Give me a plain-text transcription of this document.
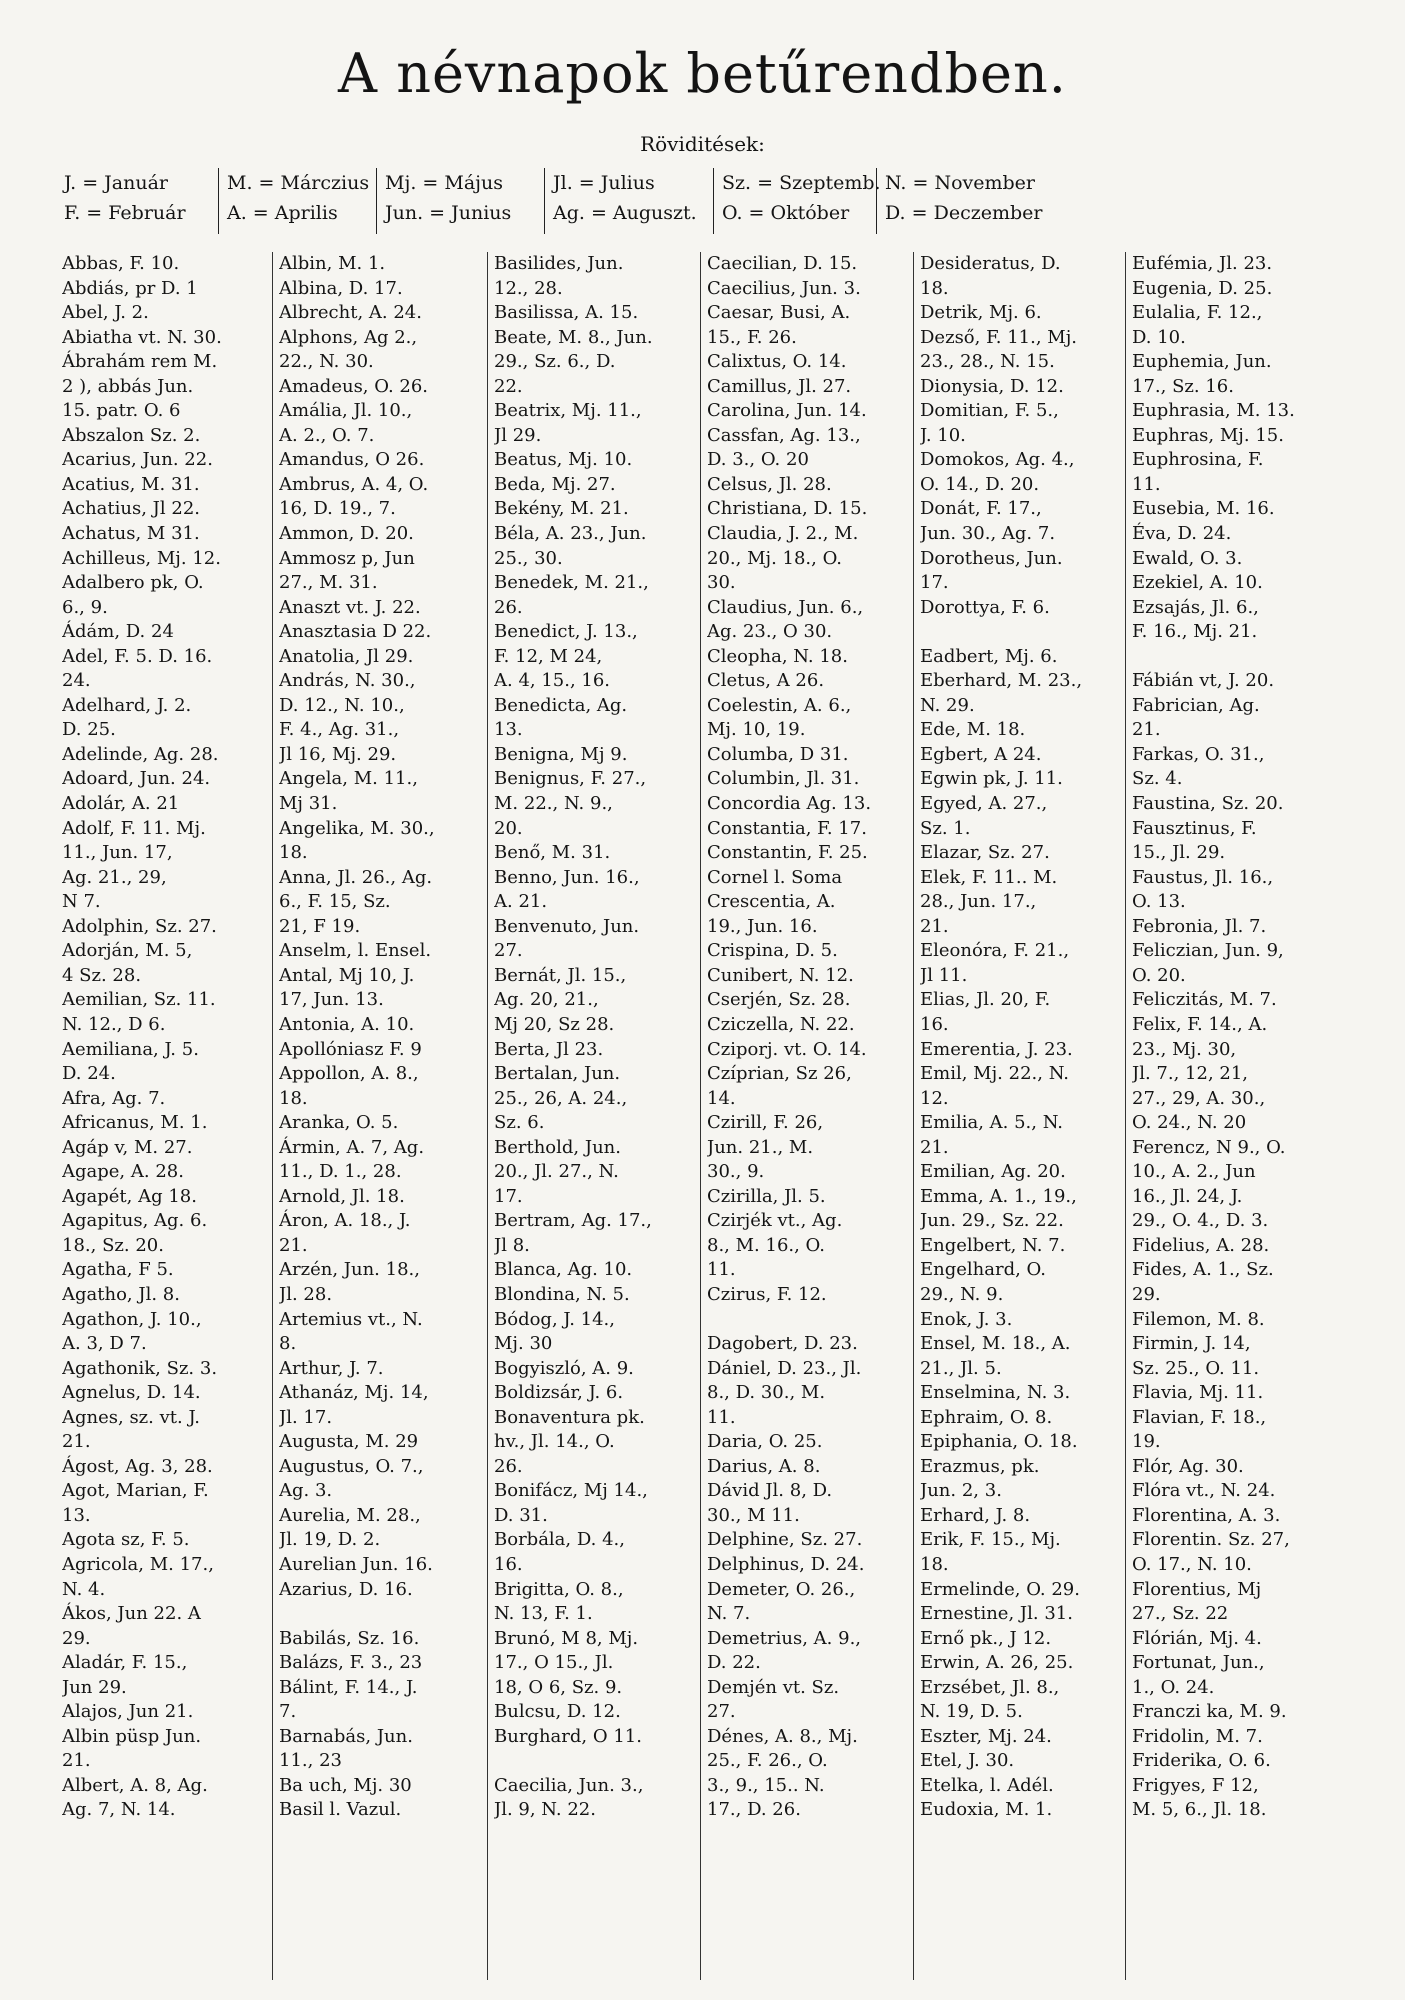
A névnapok betűrendben.
Röviditések:
J. = Január
F. = Február
M. = Márczius
A. = Aprilis
Mj. = Május
Jun. = Junius
Jl. = Julius
Ag. = Auguszt.
Sz. = Szeptemb.
O. = Október
N. = November
D. = Deczember
Abbas, F. 10.
Abdiás, pr D. 1
Abel, J. 2.
Abiatha vt. N. 30.
Ábrahám rem M.
2 ), abbás Jun.
15. patr. O. 6
Abszalon Sz. 2.
Acarius, Jun. 22.
Acatius, M. 31.
Achatius, Jl 22.
Achatus, M 31.
Achilleus, Mj. 12.
Adalbero pk, O.
6., 9.
Ádám, D. 24
Adel, F. 5. D. 16.
24.
Adelhard, J. 2.
D. 25.
Adelinde, Ag. 28.
Adoard, Jun. 24.
Adolár, A. 21
Adolf, F. 11. Mj.
11., Jun. 17,
Ag. 21., 29,
N 7.
Adolphin, Sz. 27.
Adorján, M. 5,
4 Sz. 28.
Aemilian, Sz. 11.
N. 12., D 6.
Aemiliana, J. 5.
D. 24.
Afra, Ag. 7.
Africanus, M. 1.
Agáp v, M. 27.
Agape, A. 28.
Agapét, Ag 18.
Agapitus, Ag. 6.
18., Sz. 20.
Agatha, F 5.
Agatho, Jl. 8.
Agathon, J. 10.,
A. 3, D 7.
Agathonik, Sz. 3.
Agnelus, D. 14.
Agnes, sz. vt. J.
21.
Ágost, Ag. 3, 28.
Agot, Marian, F.
13.
Agota sz, F. 5.
Agricola, M. 17.,
N. 4.
Ákos, Jun 22. A
29.
Aladár, F. 15.,
Jun 29.
Alajos, Jun 21.
Albin püsp Jun.
21.
Albert, A. 8, Ag.
Ag. 7, N. 14.
Albin, M. 1.
Albina, D. 17.
Albrecht, A. 24.
Alphons, Ag 2.,
22., N. 30.
Amadeus, O. 26.
Amália, Jl. 10.,
A. 2., O. 7.
Amandus, O 26.
Ambrus, A. 4, O.
16, D. 19., 7.
Ammon, D. 20.
Ammosz p, Jun
27., M. 31.
Anaszt vt. J. 22.
Anasztasia D 22.
Anatolia, Jl 29.
András, N. 30.,
D. 12., N. 10.,
F. 4., Ag. 31.,
Jl 16, Mj. 29.
Angela, M. 11.,
Mj 31.
Angelika, M. 30.,
18.
Anna, Jl. 26., Ag.
6., F. 15, Sz.
21, F 19.
Anselm, l. Ensel.
Antal, Mj 10, J.
17, Jun. 13.
Antonia, A. 10.
Apollóniasz F. 9
Appollon, A. 8.,
18.
Aranka, O. 5.
Ármin, A. 7, Ag.
11., D. 1., 28.
Arnold, Jl. 18.
Áron, A. 18., J.
21.
Arzén, Jun. 18.,
Jl. 28.
Artemius vt., N.
8.
Arthur, J. 7.
Athanáz, Mj. 14,
Jl. 17.
Augusta, M. 29
Augustus, O. 7.,
Ag. 3.
Aurelia, M. 28.,
Jl. 19, D. 2.
Aurelian Jun. 16.
Azarius, D. 16.

Babilás, Sz. 16.
Balázs, F. 3., 23
Bálint, F. 14., J.
7.
Barnabás, Jun.
11., 23
Ba uch, Mj. 30
Basil l. Vazul.
Basilides, Jun.
12., 28.
Basilissa, A. 15.
Beate, M. 8., Jun.
29., Sz. 6., D.
22.
Beatrix, Mj. 11.,
Jl 29.
Beatus, Mj. 10.
Beda, Mj. 27.
Bekény, M. 21.
Béla, A. 23., Jun.
25., 30.
Benedek, M. 21.,
26.
Benedict, J. 13.,
F. 12, M 24,
A. 4, 15., 16.
Benedicta, Ag.
13.
Benigna, Mj 9.
Benignus, F. 27.,
M. 22., N. 9.,
20.
Benő, M. 31.
Benno, Jun. 16.,
A. 21.
Benvenuto, Jun.
27.
Bernát, Jl. 15.,
Ag. 20, 21.,
Mj 20, Sz 28.
Berta, Jl 23.
Bertalan, Jun.
25., 26, A. 24.,
Sz. 6.
Berthold, Jun.
20., Jl. 27., N.
17.
Bertram, Ag. 17.,
Jl 8.
Blanca, Ag. 10.
Blondina, N. 5.
Bódog, J. 14.,
Mj. 30
Bogyiszló, A. 9.
Boldizsár, J. 6.
Bonaventura pk.
hv., Jl. 14., O.
26.
Bonifácz, Mj 14.,
D. 31.
Borbála, D. 4.,
16.
Brigitta, O. 8.,
N. 13, F. 1.
Brunó, M 8, Mj.
17., O 15., Jl.
18, O 6, Sz. 9.
Bulcsu, D. 12.
Burghard, O 11.

Caecilia, Jun. 3.,
Jl. 9, N. 22.
Caecilian, D. 15.
Caecilius, Jun. 3.
Caesar, Busi, A.
15., F. 26.
Calixtus, O. 14.
Camillus, Jl. 27.
Carolina, Jun. 14.
Cassfan, Ag. 13.,
D. 3., O. 20
Celsus, Jl. 28.
Christiana, D. 15.
Claudia, J. 2., M.
20., Mj. 18., O.
30.
Claudius, Jun. 6.,
Ag. 23., O 30.
Cleopha, N. 18.
Cletus, A 26.
Coelestin, A. 6.,
Mj. 10, 19.
Columba, D 31.
Columbin, Jl. 31.
Concordia Ag. 13.
Constantia, F. 17.
Constantin, F. 25.
Cornel l. Soma
Crescentia, A.
19., Jun. 16.
Crispina, D. 5.
Cunibert, N. 12.
Cserjén, Sz. 28.
Cziczella, N. 22.
Cziporj. vt. O. 14.
Czíprian, Sz 26,
14.
Czirill, F. 26,
Jun. 21., M.
30., 9.
Czirilla, Jl. 5.
Czirjék vt., Ag.
8., M. 16., O.
11.
Czirus, F. 12.

Dagobert, D. 23.
Dániel, D. 23., Jl.
8., D. 30., M.
11.
Daria, O. 25.
Darius, A. 8.
Dávid Jl. 8, D.
30., M 11.
Delphine, Sz. 27.
Delphinus, D. 24.
Demeter, O. 26.,
N. 7.
Demetrius, A. 9.,
D. 22.
Demjén vt. Sz.
27.
Dénes, A. 8., Mj.
25., F. 26., O.
3., 9., 15.. N.
17., D. 26.
Desideratus, D.
18.
Detrik, Mj. 6.
Dezső, F. 11., Mj.
23., 28., N. 15.
Dionysia, D. 12.
Domitian, F. 5.,
J. 10.
Domokos, Ag. 4.,
O. 14., D. 20.
Donát, F. 17.,
Jun. 30., Ag. 7.
Dorotheus, Jun.
17.
Dorottya, F. 6.

Eadbert, Mj. 6.
Eberhard, M. 23.,
N. 29.
Ede, M. 18.
Egbert, A 24.
Egwin pk, J. 11.
Egyed, A. 27.,
Sz. 1.
Elazar, Sz. 27.
Elek, F. 11.. M.
28., Jun. 17.,
21.
Eleonóra, F. 21.,
Jl 11.
Elias, Jl. 20, F.
16.
Emerentia, J. 23.
Emil, Mj. 22., N.
12.
Emilia, A. 5., N.
21.
Emilian, Ag. 20.
Emma, A. 1., 19.,
Jun. 29., Sz. 22.
Engelbert, N. 7.
Engelhard, O.
29., N. 9.
Enok, J. 3.
Ensel, M. 18., A.
21., Jl. 5.
Enselmina, N. 3.
Ephraim, O. 8.
Epiphania, O. 18.
Erazmus, pk.
Jun. 2, 3.
Erhard, J. 8.
Erik, F. 15., Mj.
18.
Ermelinde, O. 29.
Ernestine, Jl. 31.
Ernő pk., J 12.
Erwin, A. 26, 25.
Erzsébet, Jl. 8.,
N. 19, D. 5.
Eszter, Mj. 24.
Etel, J. 30.
Etelka, l. Adél.
Eudoxia, M. 1.
Eufémia, Jl. 23.
Eugenia, D. 25.
Eulalia, F. 12.,
D. 10.
Euphemia, Jun.
17., Sz. 16.
Euphrasia, M. 13.
Euphras, Mj. 15.
Euphrosina, F.
11.
Eusebia, M. 16.
Éva, D. 24.
Ewald, O. 3.
Ezekiel, A. 10.
Ezsajás, Jl. 6.,
F. 16., Mj. 21.

Fábián vt, J. 20.
Fabrician, Ag.
21.
Farkas, O. 31.,
Sz. 4.
Faustina, Sz. 20.
Fausztinus, F.
15., Jl. 29.
Faustus, Jl. 16.,
O. 13.
Febronia, Jl. 7.
Feliczian, Jun. 9,
O. 20.
Feliczitás, M. 7.
Felix, F. 14., A.
23., Mj. 30,
Jl. 7., 12, 21,
27., 29, A. 30.,
O. 24., N. 20
Ferencz, N 9., O.
10., A. 2., Jun
16., Jl. 24, J.
29., O. 4., D. 3.
Fidelius, A. 28.
Fides, A. 1., Sz.
29.
Filemon, M. 8.
Firmin, J. 14,
Sz. 25., O. 11.
Flavia, Mj. 11.
Flavian, F. 18.,
19.
Flór, Ag. 30.
Flóra vt., N. 24.
Florentina, A. 3.
Florentin. Sz. 27,
O. 17., N. 10.
Florentius, Mj
27., Sz. 22
Flórián, Mj. 4.
Fortunat, Jun.,
1., O. 24.
Franczi ka, M. 9.
Fridolin, M. 7.
Friderika, O. 6.
Frigyes, F 12,
M. 5, 6., Jl. 18.
